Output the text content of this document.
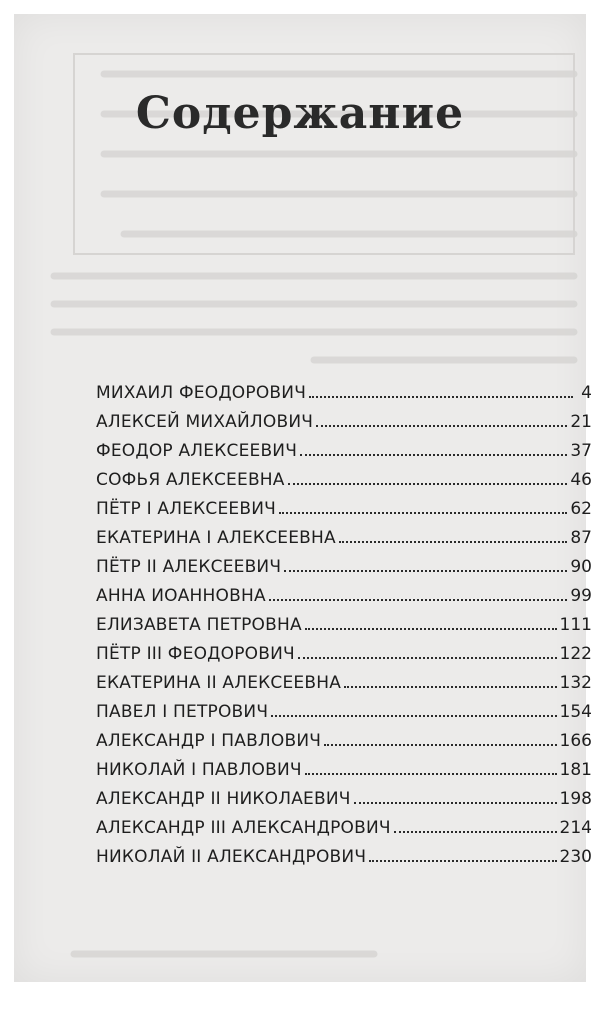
Содержание
МИХАИЛ ФЕОДОРОВИЧ	4
АЛЕКСЕЙ МИХАЙЛОВИЧ	21
ФЕОДОР АЛЕКСЕЕВИЧ	37
СОФЬЯ АЛЕКСЕЕВНА	46
ПЁТР I АЛЕКСЕЕВИЧ	62
ЕКАТЕРИНА I АЛЕКСЕЕВНА	87
ПЁТР II АЛЕКСЕЕВИЧ	90
АННА ИОАННОВНА	99
ЕЛИЗАВЕТА ПЕТРОВНА	111
ПЁТР III ФЕОДОРОВИЧ	122
ЕКАТЕРИНА II АЛЕКСЕЕВНА	132
ПАВЕЛ I ПЕТРОВИЧ	154
АЛЕКСАНДР I ПАВЛОВИЧ	166
НИКОЛАЙ I ПАВЛОВИЧ	181
АЛЕКСАНДР II НИКОЛАЕВИЧ	198
АЛЕКСАНДР III АЛЕКСАНДРОВИЧ	214
НИКОЛАЙ II АЛЕКСАНДРОВИЧ	230
